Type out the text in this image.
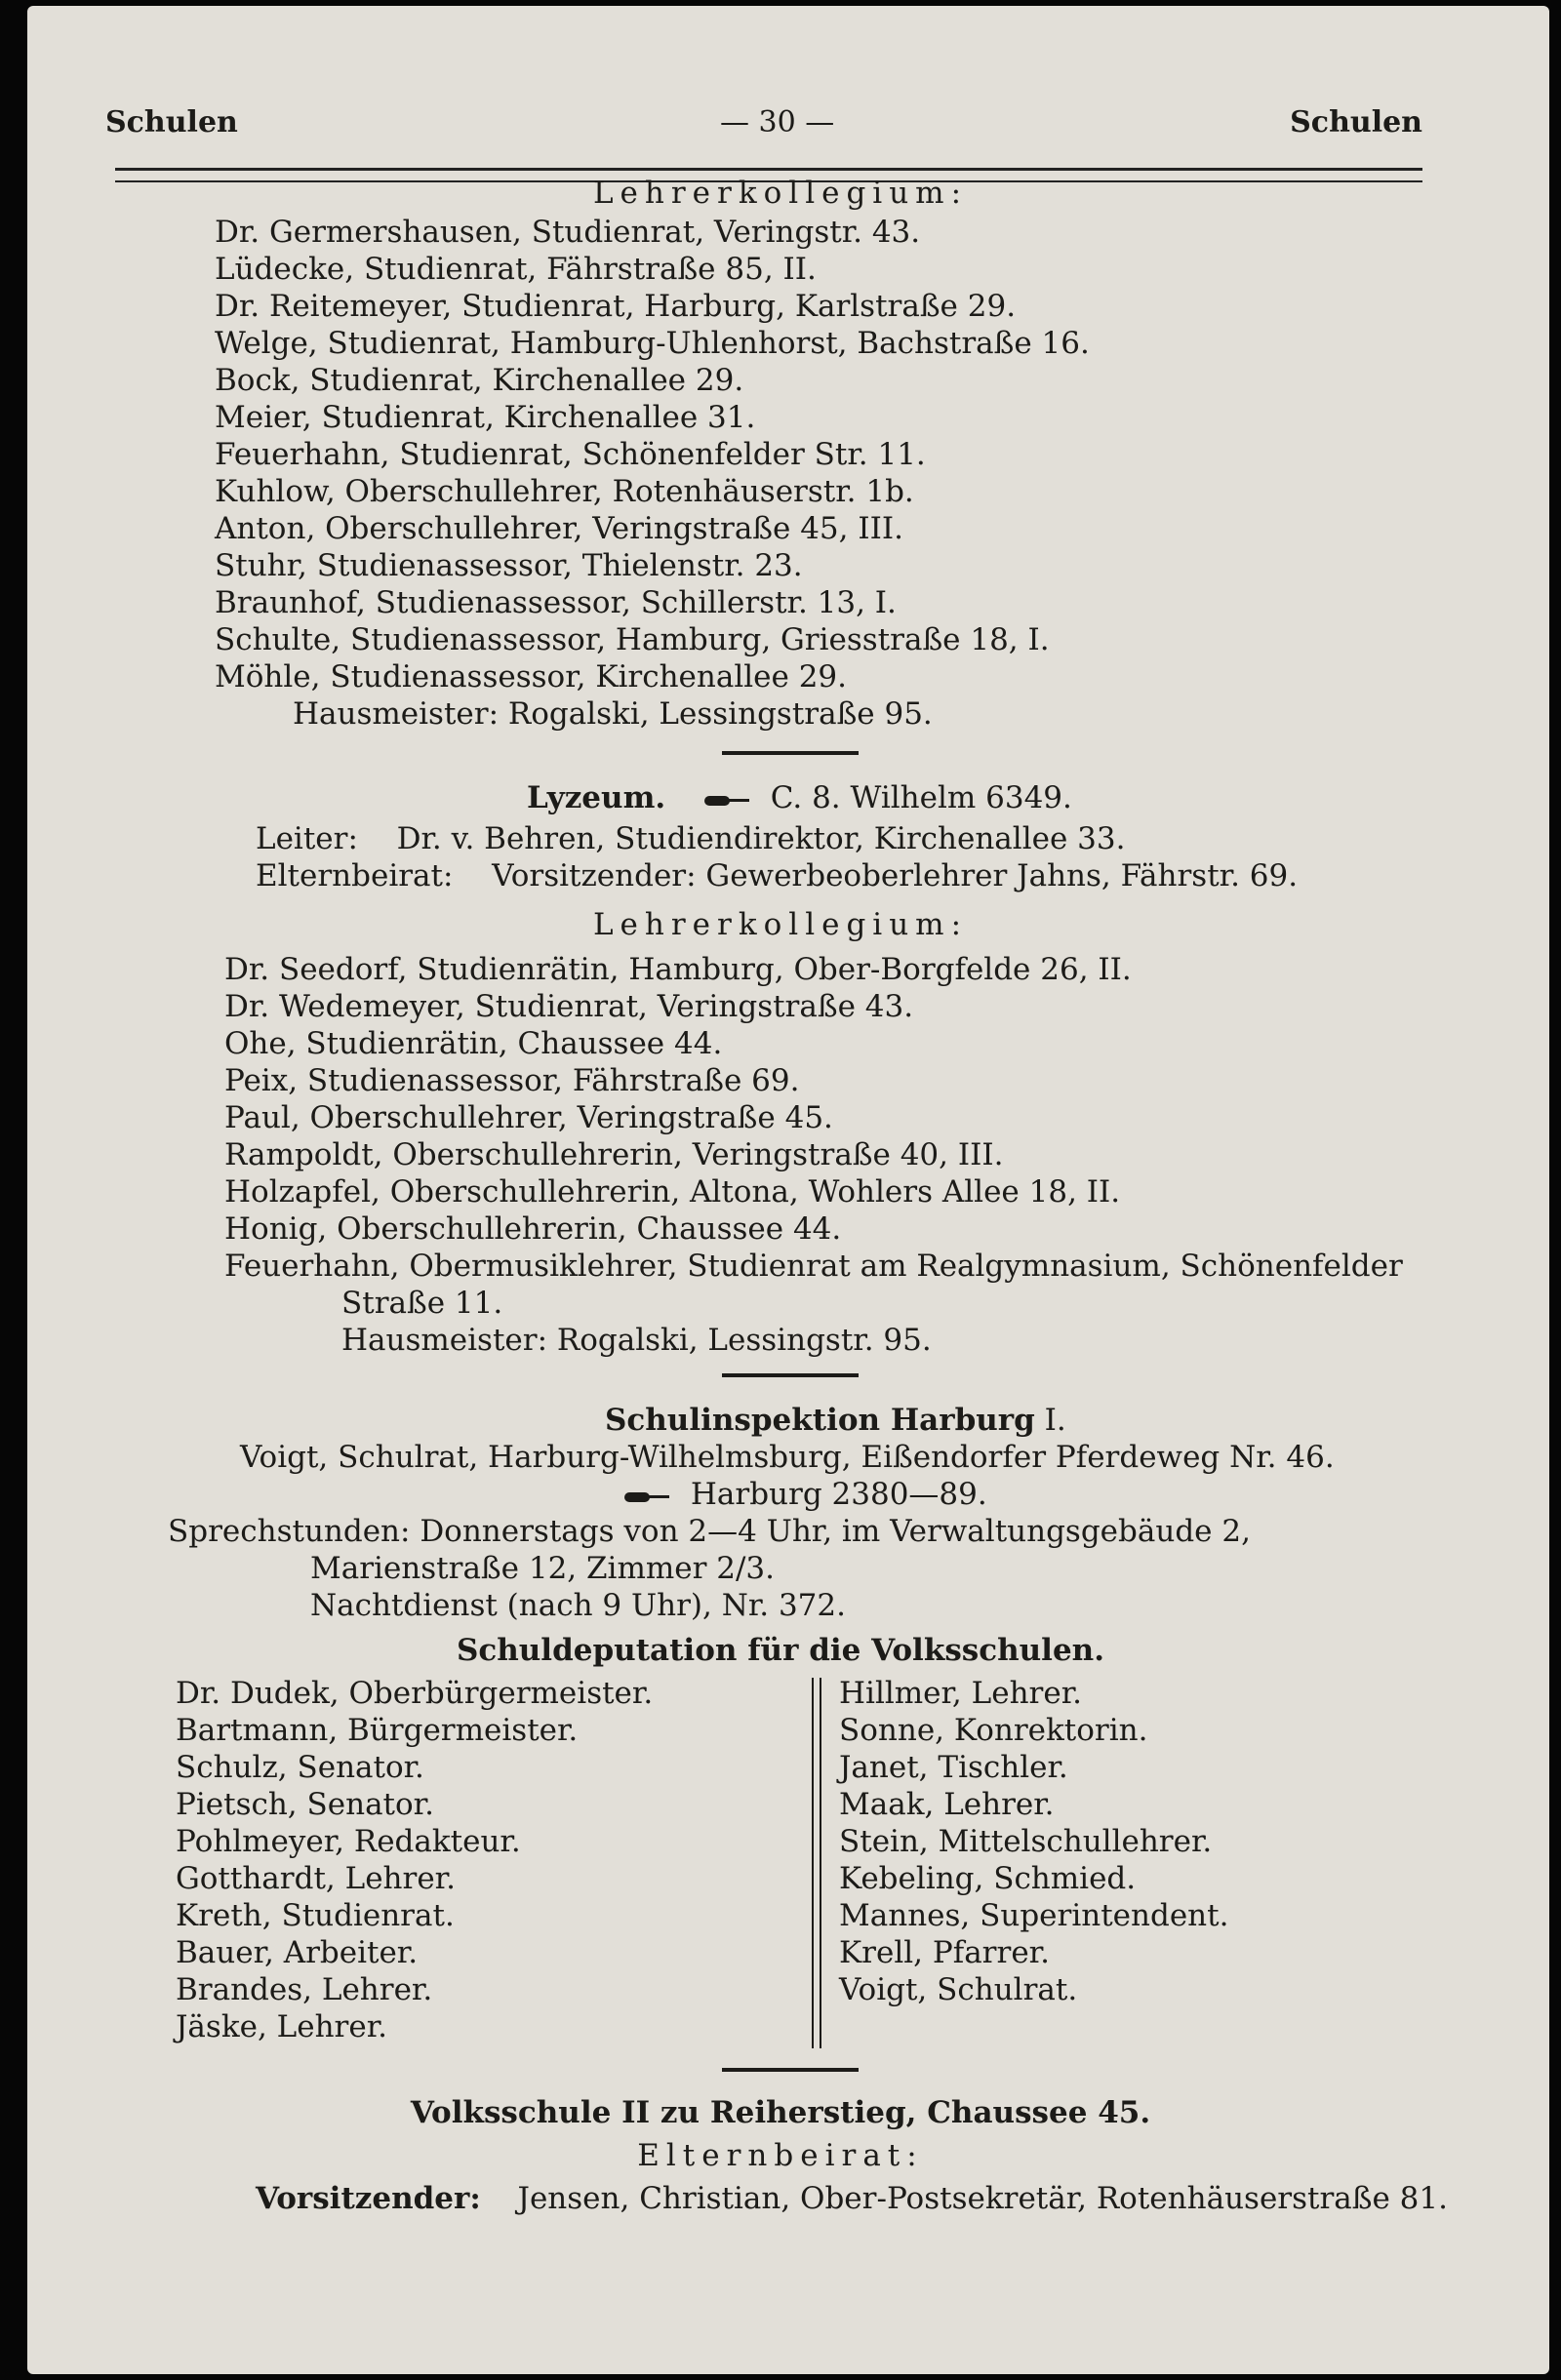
Schulen	— 30 —	Schulen
Lehrerkollegium:
Dr. Germershausen, Studienrat, Veringstr. 43.
Lüdecke, Studienrat, Fährstraße 85, II.
Dr. Reitemeyer, Studienrat, Harburg, Karlstraße 29.
Welge, Studienrat, Hamburg-Uhlenhorst, Bachstraße 16.
Bock, Studienrat, Kirchenallee 29.
Meier, Studienrat, Kirchenallee 31.
Feuerhahn, Studienrat, Schönenfelder Str. 11.
Kuhlow, Oberschullehrer, Rotenhäuserstr. 1b.
Anton, Oberschullehrer, Veringstraße 45, III.
Stuhr, Studienassessor, Thielenstr. 23.
Braunhof, Studienassessor, Schillerstr. 13, I.
Schulte, Studienassessor, Hamburg, Griesstraße 18, I.
Möhle, Studienassessor, Kirchenallee 29.
Hausmeister: Rogalski, Lessingstraße 95.
Lyzeum.	C. 8. Wilhelm 6349.
Leiter: Dr. v. Behren, Studiendirektor, Kirchenallee 33.
Elternbeirat: Vorsitzender: Gewerbeoberlehrer Jahns, Fährstr. 69.
Lehrerkollegium:
Dr. Seedorf, Studienrätin, Hamburg, Ober-Borgfelde 26, II.
Dr. Wedemeyer, Studienrat, Veringstraße 43.
Ohe, Studienrätin, Chaussee 44.
Peix, Studienassessor, Fährstraße 69.
Paul, Oberschullehrer, Veringstraße 45.
Rampoldt, Oberschullehrerin, Veringstraße 40, III.
Holzapfel, Oberschullehrerin, Altona, Wohlers Allee 18, II.
Honig, Oberschullehrerin, Chaussee 44.
Feuerhahn, Obermusiklehrer, Studienrat am Realgymnasium, Schönenfelder
Straße 11.
Hausmeister: Rogalski, Lessingstr. 95.
Schulinspektion Harburg I.
Voigt, Schulrat, Harburg-Wilhelmsburg, Eißendorfer Pferdeweg Nr. 46.
Harburg 2380—89.
Sprechstunden: Donnerstags von 2—4 Uhr, im Verwaltungsgebäude 2,
Marienstraße 12, Zimmer 2/3.
Nachtdienst (nach 9 Uhr), Nr. 372.
Schuldeputation für die Volksschulen.
Dr. Dudek, Oberbürgermeister.
Bartmann, Bürgermeister.
Schulz, Senator.
Pietsch, Senator.
Pohlmeyer, Redakteur.
Gotthardt, Lehrer.
Kreth, Studienrat.
Bauer, Arbeiter.
Brandes, Lehrer.
Jäske, Lehrer.
Hillmer, Lehrer.
Sonne, Konrektorin.
Janet, Tischler.
Maak, Lehrer.
Stein, Mittelschullehrer.
Kebeling, Schmied.
Mannes, Superintendent.
Krell, Pfarrer.
Voigt, Schulrat.
Volksschule II zu Reiherstieg, Chaussee 45.
Elternbeirat:
Vorsitzender: Jensen, Christian, Ober-Postsekretär, Rotenhäuserstraße 81.
